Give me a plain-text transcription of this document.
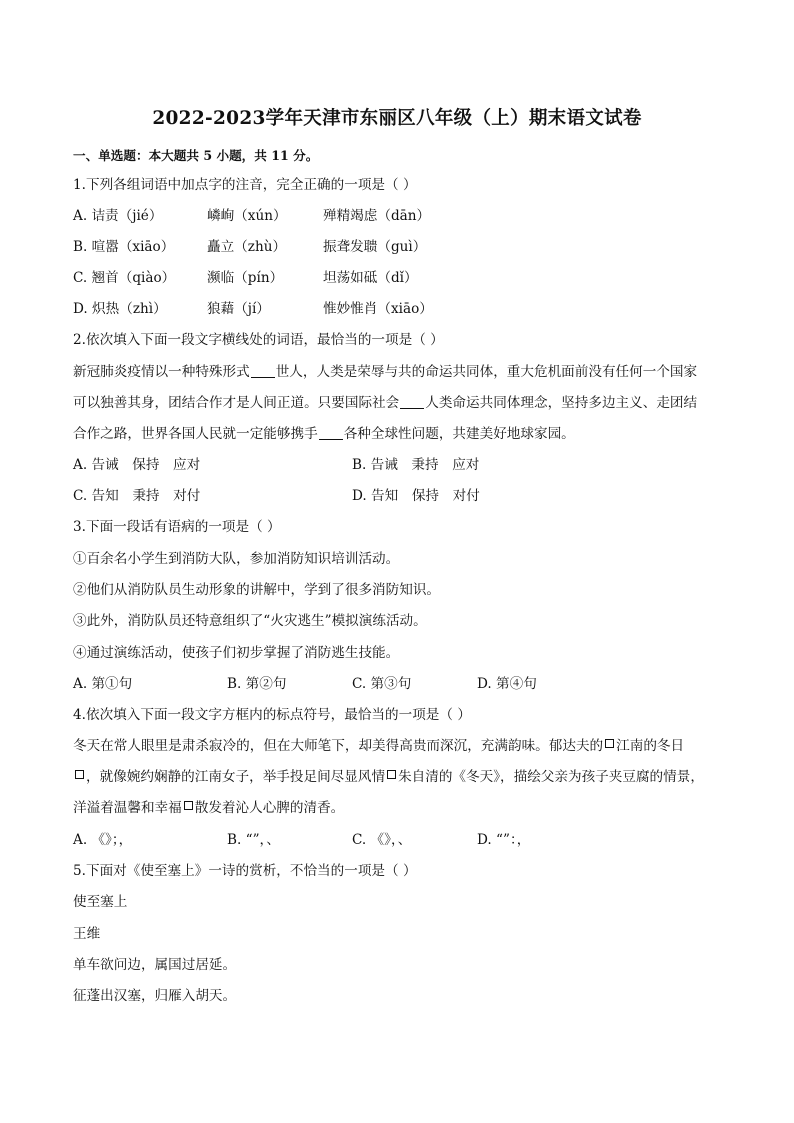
2022-2023学年天津市东丽区八年级（上）期末语文试卷
一、单选题：本大题共 5 小题，共 11 分。
1.下列各组词语中加点字的注音，完全正确的一项是（ ）
A. 诘责（jié）	嶙峋（xún）	殚精竭虑（dān）
B. 喧嚣（xiāo） 矗立（zhù）	振聋发聩（guì）
C. 翘首（qiào） 濒临（pín）	坦荡如砥（dǐ）
D. 炽热（zhì）	狼藉（jí）	惟妙惟肖（xiāo）
2.依次填入下面一段文字横线处的词语，最恰当的一项是（ ）
新冠肺炎疫情以一种特殊形式 世人，人类是荣辱与共的命运共同体，重大危机面前没有任何一个国家
可以独善其身，团结合作才是人间正道。只要国际社会 人类命运共同体理念，坚持多边主义、走团结
合作之路，世界各国人民就一定能够携手 各种全球性问题，共建美好地球家园。
A. 告诫　保持　应对	B. 告诫　秉持　应对
C. 告知　秉持　对付	D. 告知　保持　对付
3.下面一段话有语病的一项是（ ）
①百余名小学生到消防大队，参加消防知识培训活动。
②他们从消防队员生动形象的讲解中，学到了很多消防知识。
③此外，消防队员还特意组织了“火灾逃生”模拟演练活动。
④通过演练活动，使孩子们初步掌握了消防逃生技能。
A. 第①句	B. 第②句	C. 第③句	D. 第④句
4.依次填入下面一段文字方框内的标点符号，最恰当的一项是（ ）
冬天在常人眼里是肃杀寂冷的，但在大师笔下，却美得高贵而深沉，充满韵味。郁达夫的 江南的冬日
，就像婉约娴静的江南女子，举手投足间尽显风情 朱自清的《冬天》，描绘父亲为孩子夹豆腐的情景，
洋溢着温馨和幸福 散发着沁人心脾的清香。
A. 《》；，	B. “”，、	C. 《》，、	D. “”：，
5.下面对《使至塞上》一诗的赏析，不恰当的一项是（ ）
使至塞上
王维
单车欲问边，属国过居延。
征蓬出汉塞，归雁入胡天。
